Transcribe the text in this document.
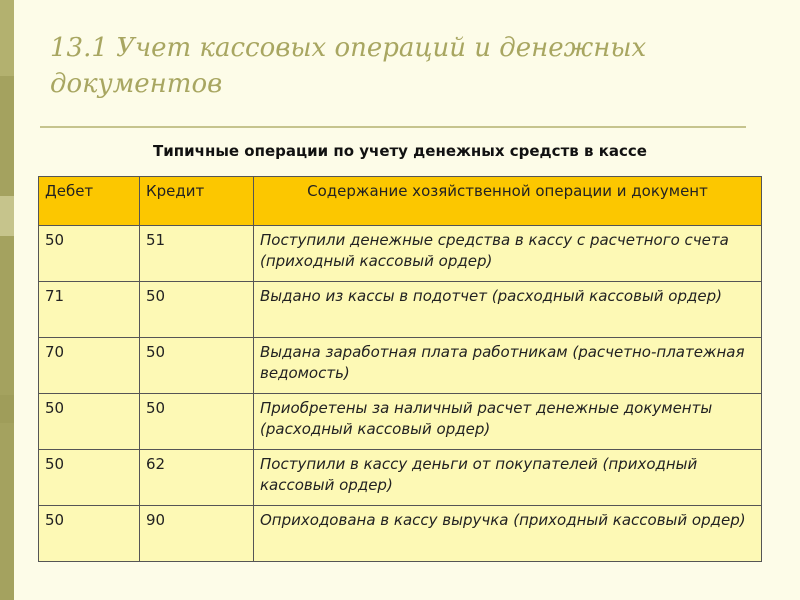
13.1 Учет кассовых операций и денежных документов
Типичные операции по учету денежных средств в кассе
Дебет	Кредит	Содержание хозяйственной операции и документ
50	51	Поступили денежные средства в кассу с расчетного счета (приходный кассовый ордер)
71	50	Выдано из кассы в подотчет (расходный кассовый ордер)
70	50	Выдана заработная плата работникам (расчетно-платежная ведомость)
50	50	Приобретены за наличный расчет денежные документы (расходный кассовый ордер)
50	62	Поступили в кассу деньги от покупателей (приходный кассовый ордер)
50	90	Оприходована в кассу выручка (приходный кассовый ордер)
